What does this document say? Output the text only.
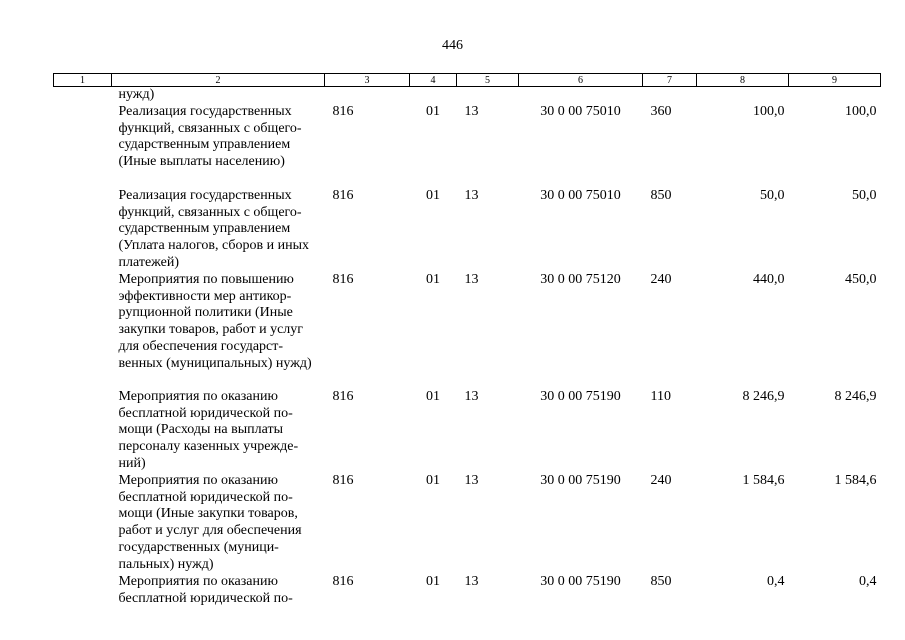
446
1	2	3	4	5	6	7	8	9
	нужд)							
	Реализация государственных функций, связанных с общего- сударственным управлением (Иные выплаты населению)	816	01	13	30 0 00 75010	360	100,0	100,0
	Реализация государственных функций, связанных с общего- сударственным управлением (Уплата налогов, сборов и иных платежей)	816	01	13	30 0 00 75010	850	50,0	50,0
	Мероприятия по повышению эффективности мер антикор- рупционной политики (Иные закупки товаров, работ и услуг для обеспечения государст- венных (муниципальных) нужд)	816	01	13	30 0 00 75120	240	440,0	450,0
	Мероприятия по оказанию бесплатной юридической по- мощи (Расходы на выплаты персоналу казенных учрежде- ний)	816	01	13	30 0 00 75190	110	8 246,9	8 246,9
	Мероприятия по оказанию бесплатной юридической по- мощи (Иные закупки товаров, работ и услуг для обеспечения государственных (муници- пальных) нужд)	816	01	13	30 0 00 75190	240	1 584,6	1 584,6
	Мероприятия по оказанию бесплатной юридической по-	816	01	13	30 0 00 75190	850	0,4	0,4
